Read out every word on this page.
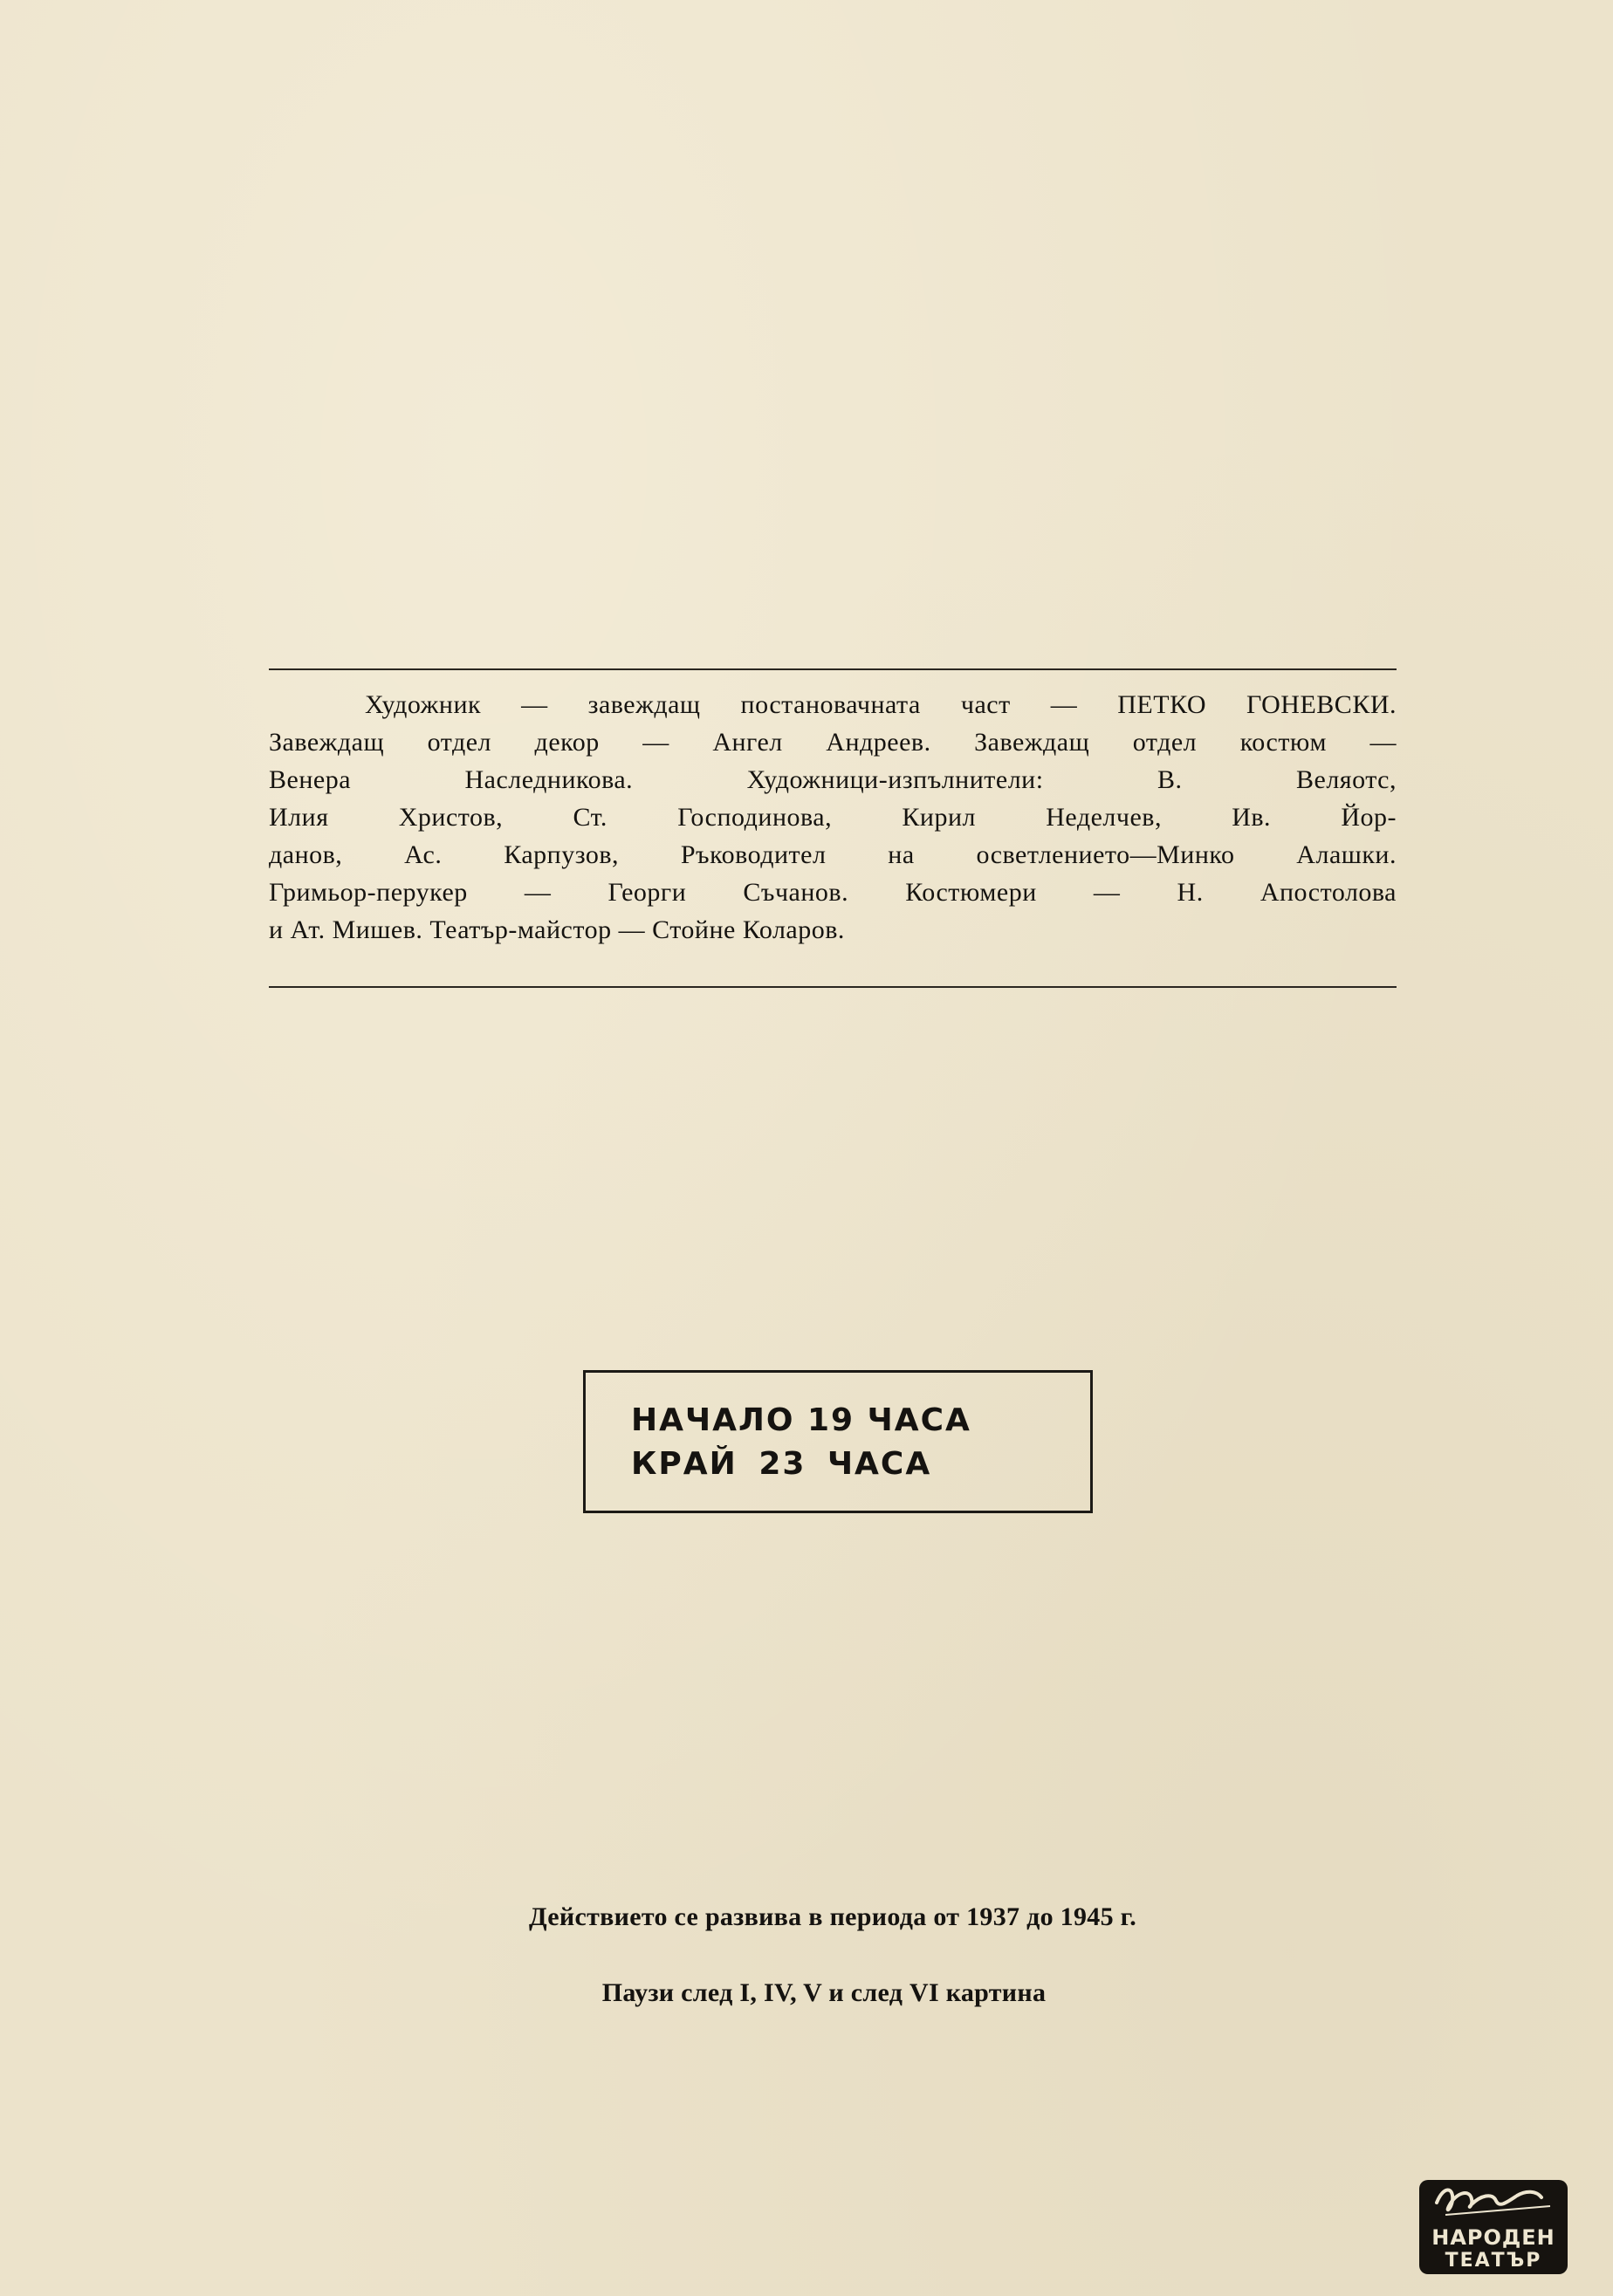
Художник — завеждащ постановачната част — ПЕТКО ГОНЕВСКИ.

Завеждащ отдел декор — Ангел Андреев. Завеждащ отдел костюм —

Венера Наследникова. Художници-изпълнители: В. Веляотс,

Илия Христов, Ст. Господинова, Кирил Неделчев, Ив. Йор-

данов, Ас. Карпузов, Ръководител на осветлението—Минко Алашки.

Гримьор-перукер — Георги Съчанов. Костюмери — Н. Апостолова

и Ат. Мишев. Театър-майстор — Стойне Коларов.

НАЧАЛО 19 ЧАСА
КРАЙ 23 ЧАСА
Действието се развива в периода от 1937 до 1945 г.
Паузи след I, IV, V и след VI картина
НАРОДЕН
ТЕАТЪР
